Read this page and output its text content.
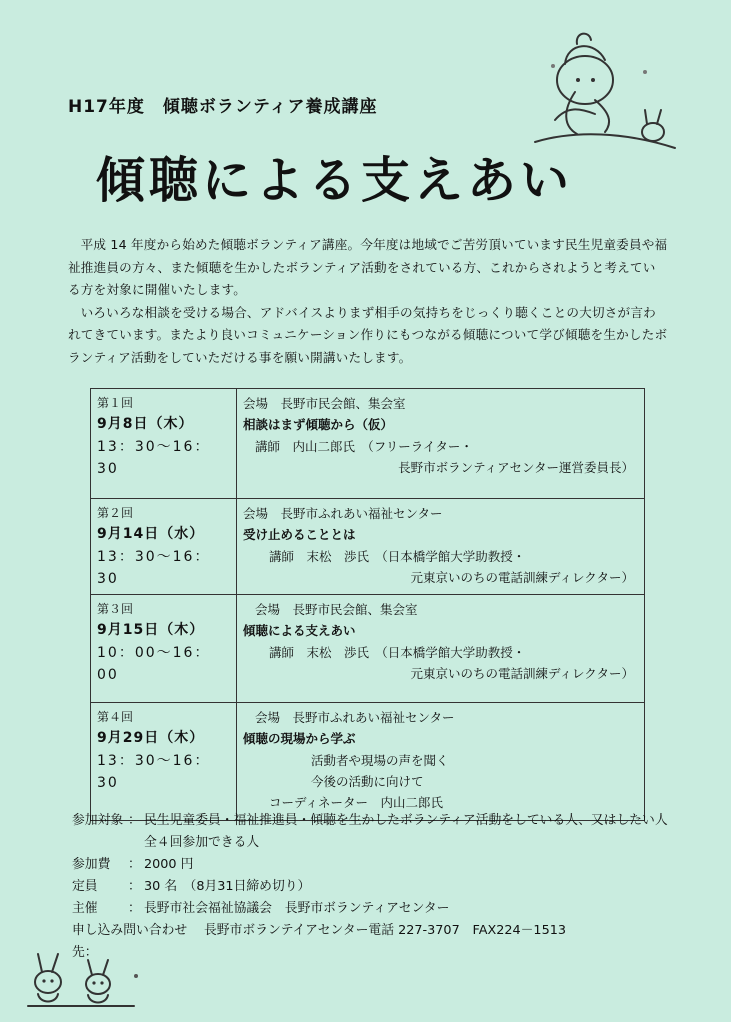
H17年度　傾聴ボランティア養成講座
傾聴による支えあい

平成 14 年度から始めた傾聴ボランティア講座。今年度は地域でご苦労頂いています民生児童委員や福祉推進員の方々、また傾聴を生かしたボランティア活動をされている方、これからされようと考えている方を対象に開催いたします。

いろいろな相談を受ける場合、アドバイスよりまず相手の気持ちをじっくり聴くことの大切さが言われてきています。またより良いコミュニケーション作りにもつながる傾聴について学び傾聴を生かしたボランティア活動をしていただける事を願い開講いたします。

第１回
9月8日（木）
13：30～16：30	会場　長野市民会館、集会室
相談はまず傾聴から（仮）
講師　内山二郎氏　（フリーライター・
長野市ボランティアセンター運営委員長）

第２回
9月14日（水）
13：30～16：30	会場　長野市ふれあい福祉センター
受け止めることとは
講師　末松　渉氏　（日本橋学館大学助教授・
元東京いのちの電話訓練ディレクター）

第３回
9月15日（木）
10：00～16：00	会場　長野市民会館、集会室
傾聴による支えあい
講師　末松　渉氏　（日本橋学館大学助教授・
元東京いのちの電話訓練ディレクター）

第４回
9月29日（木）
13：30～16：30	会場　長野市ふれあい福祉センター
傾聴の現場から学ぶ
活動者や現場の声を聞く
今後の活動に向けて
コーディネーター　内山二郎氏
参加対象 ： 民生児童委員・福祉推進員・傾聴を生かしたボランティア活動をしている人、又はしたい人
全４回参加できる人
参加費	： 2000 円
定員	： 30 名　（8月31日締め切り）
主催	： 長野市社会福祉協議会　長野市ボランティアセンター
申し込み問い合わせ先：
長野市ボランテイアセンター電話 227-3707　FAX224－1513
